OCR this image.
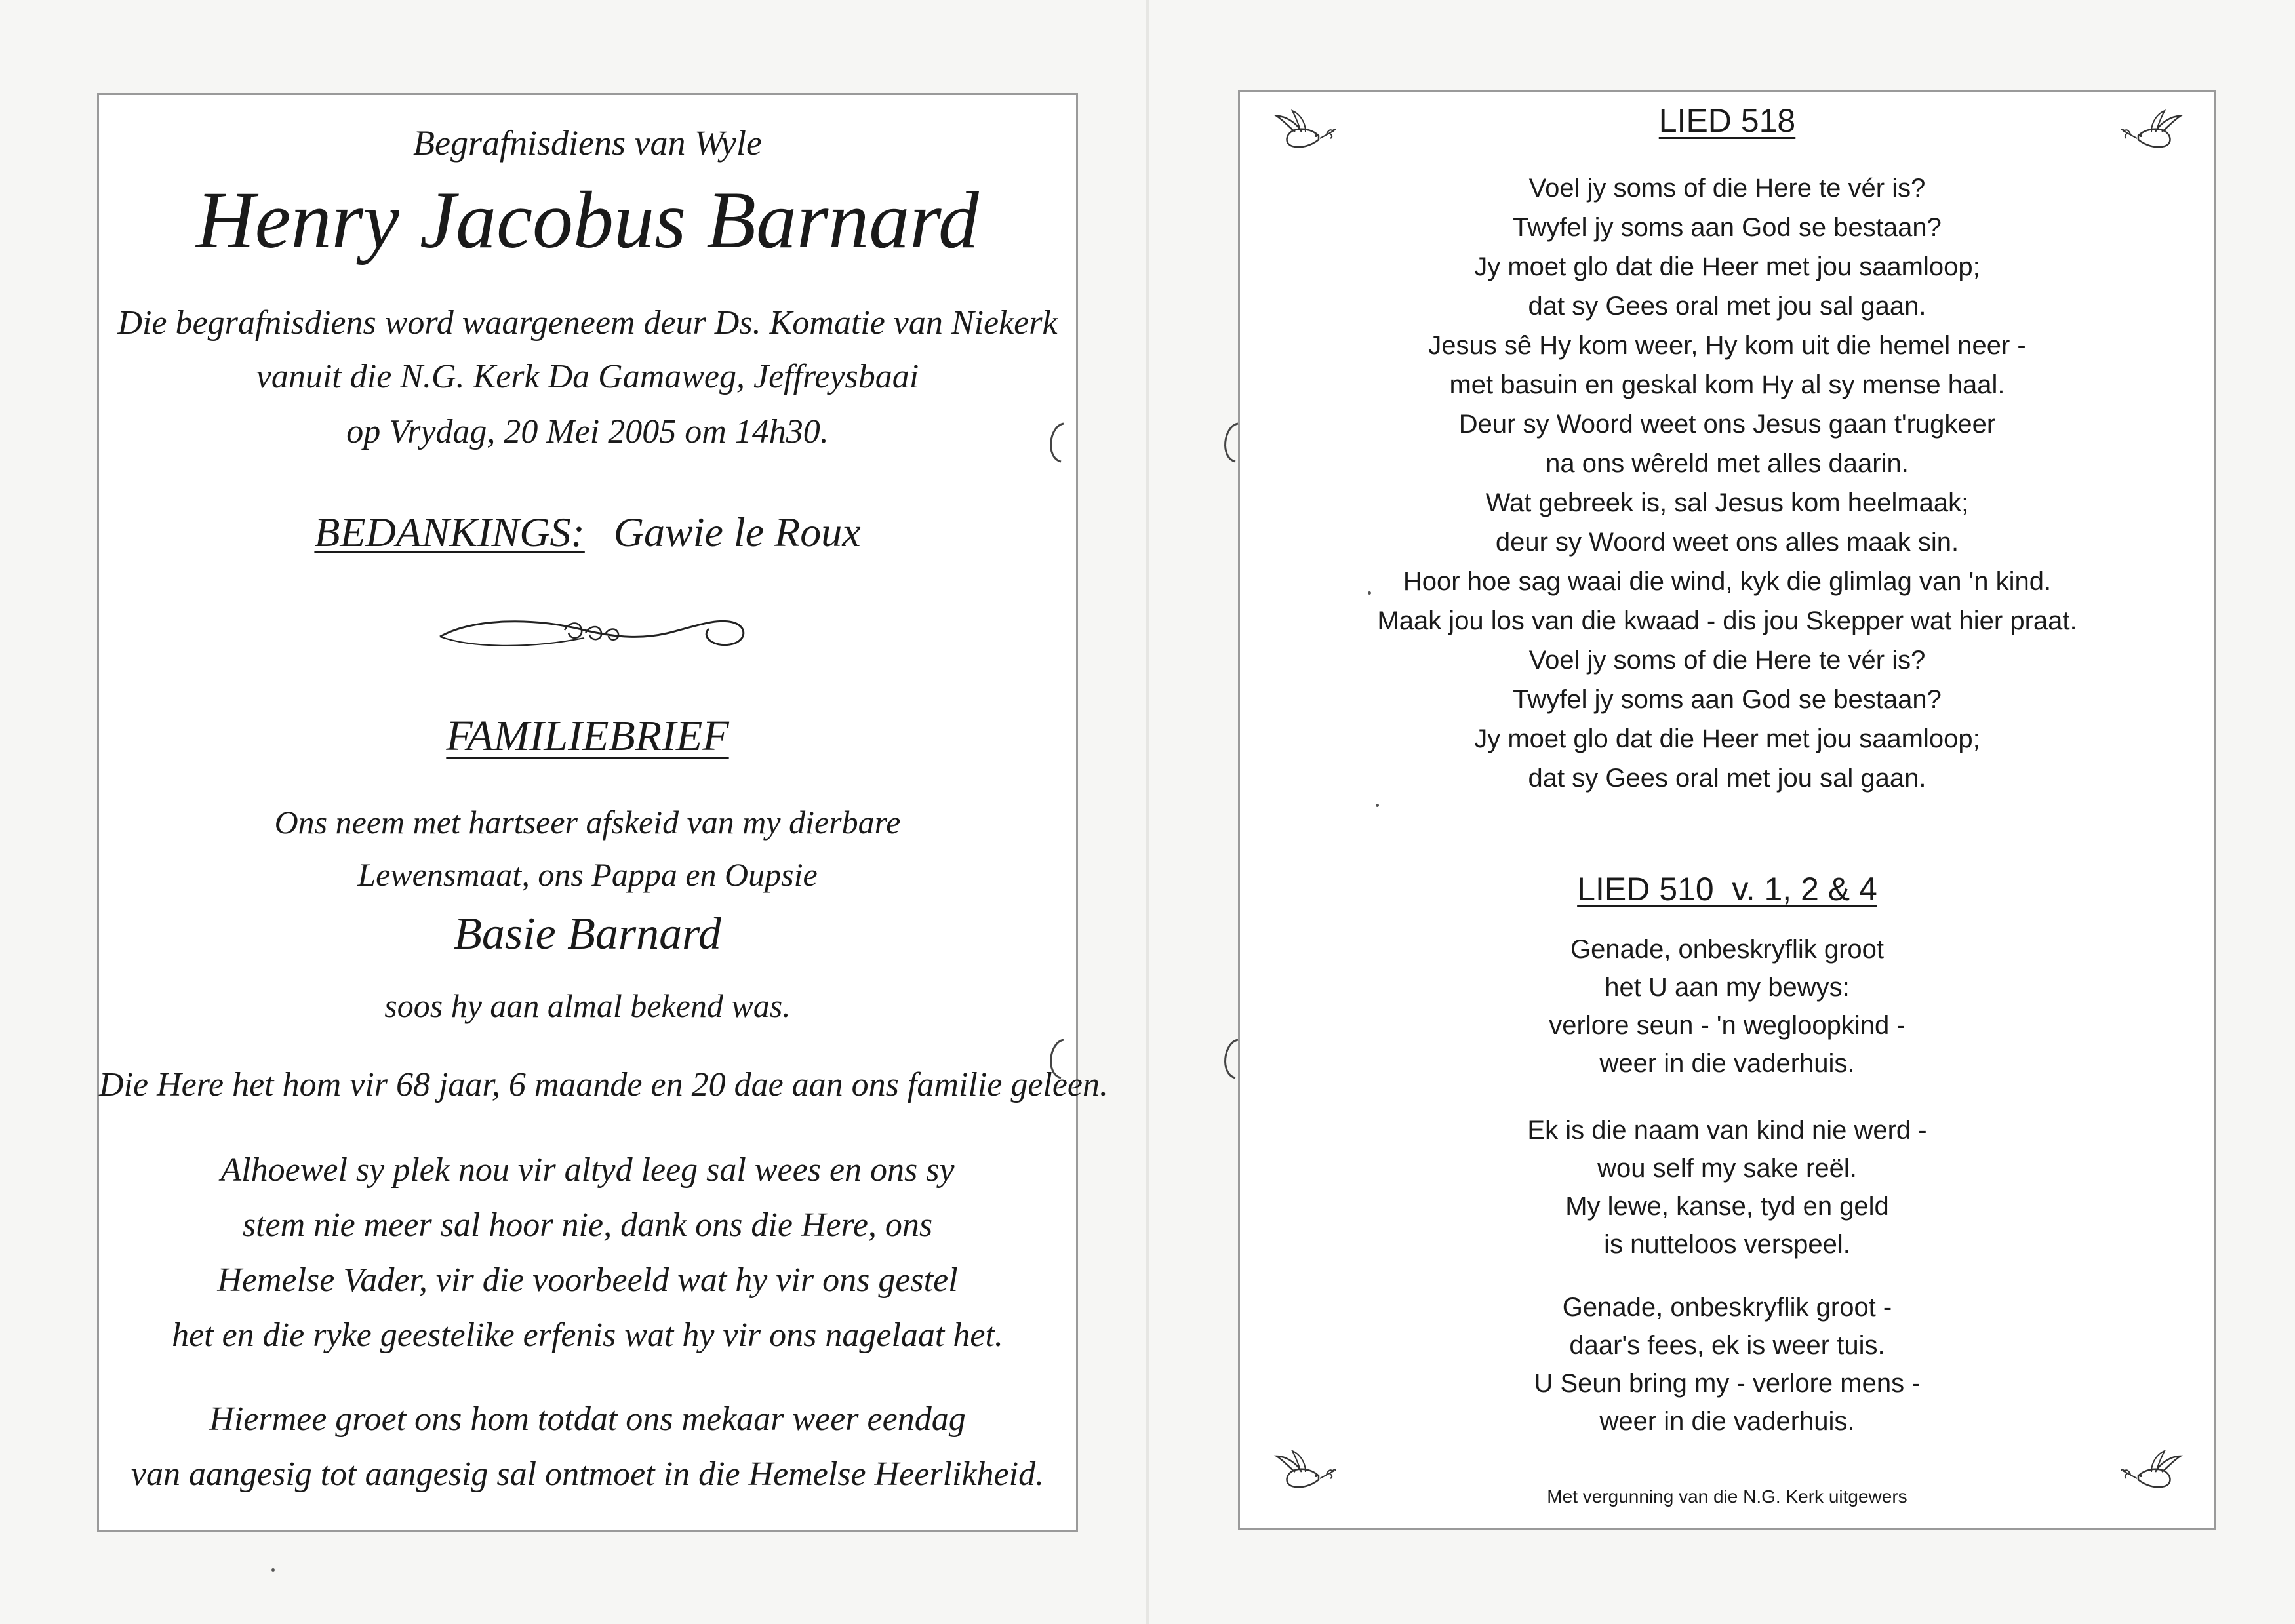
Begrafnisdiens van Wyle
Henry Jacobus Barnard
Die begrafnisdiens word waargeneem deur Ds. Komatie van Niekerk
vanuit die N.G. Kerk Da Gamaweg, Jeffreysbaai
op Vrydag, 20 Mei 2005 om 14h30.
BEDANKINGS: Gawie le Roux
FAMILIEBRIEF
Ons neem met hartseer afskeid van my dierbare
Lewensmaat, ons Pappa en Oupsie
Basie Barnard
soos hy aan almal bekend was.
Die Here het hom vir 68 jaar, 6 maande en 20 dae aan ons familie geleen.
Alhoewel sy plek nou vir altyd leeg sal wees en ons sy
stem nie meer sal hoor nie, dank ons die Here, ons
Hemelse Vader, vir die voorbeeld wat hy vir ons gestel
het en die ryke geestelike erfenis wat hy vir ons nagelaat het.
Hiermee groet ons hom totdat ons mekaar weer eendag
van aangesig tot aangesig sal ontmoet in die Hemelse Heerlikheid.
LIED 518
Voel jy soms of die Here te vér is?
Twyfel jy soms aan God se bestaan?
Jy moet glo dat die Heer met jou saamloop;
dat sy Gees oral met jou sal gaan.
Jesus sê Hy kom weer, Hy kom uit die hemel neer -
met basuin en geskal kom Hy al sy mense haal.
Deur sy Woord weet ons Jesus gaan t'rugkeer
na ons wêreld met alles daarin.
Wat gebreek is, sal Jesus kom heelmaak;
deur sy Woord weet ons alles maak sin.
Hoor hoe sag waai die wind, kyk die glimlag van 'n kind.
Maak jou los van die kwaad - dis jou Skepper wat hier praat.
Voel jy soms of die Here te vér is?
Twyfel jy soms aan God se bestaan?
Jy moet glo dat die Heer met jou saamloop;
dat sy Gees oral met jou sal gaan.
LIED 510  v. 1, 2 & 4
Genade, onbeskryflik groot
het U aan my bewys:
verlore seun - 'n wegloopkind -
weer in die vaderhuis.
Ek is die naam van kind nie werd -
wou self my sake reël.
My lewe, kanse, tyd en geld
is nutteloos verspeel.
Genade, onbeskryflik groot -
daar's fees, ek is weer tuis.
U Seun bring my - verlore mens -
weer in die vaderhuis.
Met vergunning van die N.G. Kerk uitgewers
